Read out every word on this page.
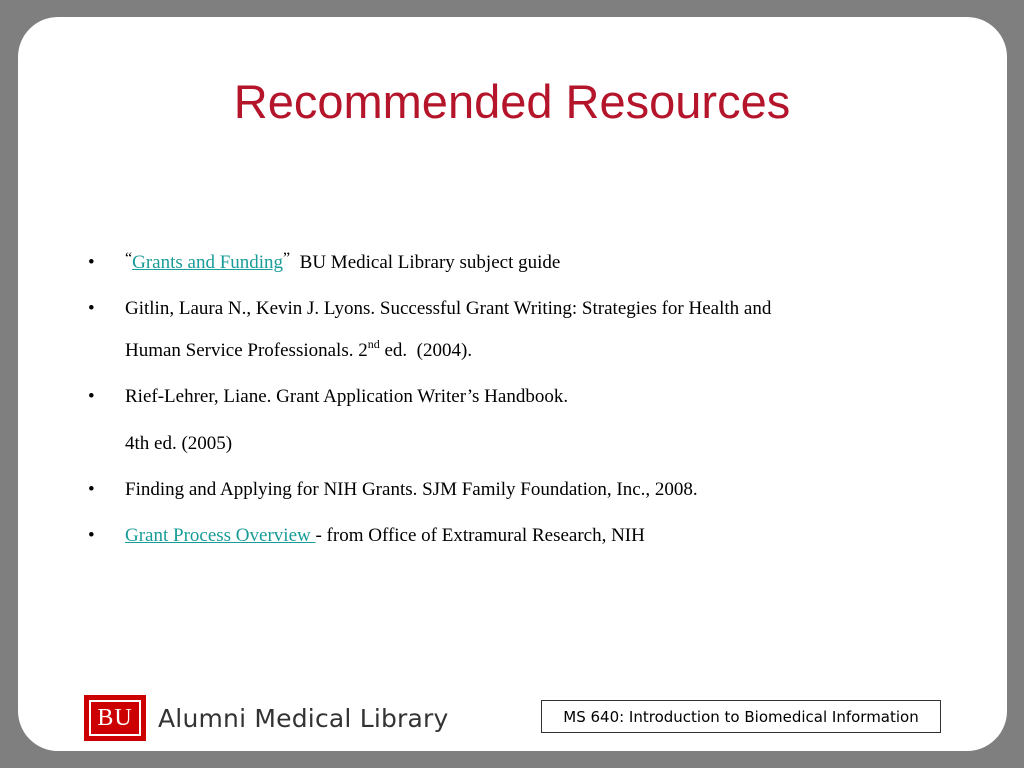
Recommended Resources
• “Grants and Funding”  BU Medical Library subject guide
• Gitlin, Laura N., Kevin J. Lyons. Successful Grant Writing: Strategies for Health and
Human Service Professionals. 2nd ed.  (2004).
• Rief-Lehrer, Liane. Grant Application Writer’s Handbook.
4th ed. (2005)
• Finding and Applying for NIH Grants. SJM Family Foundation, Inc., 2008.
• Grant Process Overview - from Office of Extramural Research, NIH
BU	Alumni Medical Library	MS 640: Introduction to Biomedical Information
